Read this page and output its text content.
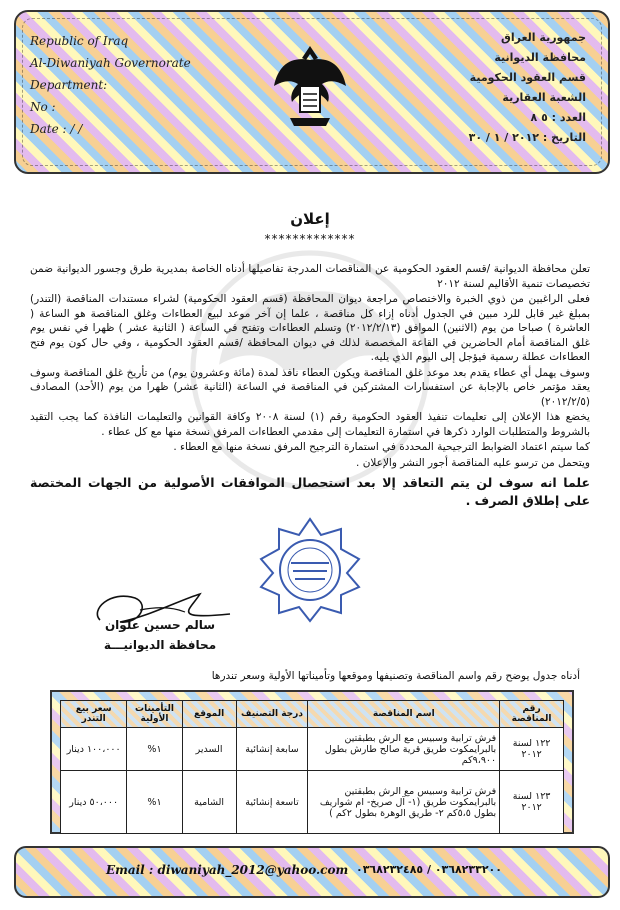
Republic of Iraq
Al-Diwaniyah Governorate
Department:
No :
Date : / /
جمهورية العراق
محافظة الديوانية
قسم العقود الحكومية
الشعبة العقارية
العدد : ٥ ٨
التاريخ : ٢٠١٢ / ١ / ٣٠
إعلان
*************

تعلن محافظة الديوانية /قسم العقود الحكومية عن المناقصات المدرجة تفاصيلها أدناه الخاصة بمديرية طرق وجسور الديوانية ضمن تخصيصات تنمية الأقاليم لسنة ٢٠١٢

فعلى الراغبين من ذوي الخبرة والاختصاص مراجعة ديوان المحافظة (قسم العقود الحكومية) لشراء مستندات المناقصة (التندر) بمبلغ غير قابل للرد مبين في الجدول أدناه إزاء كل مناقصة ، علما إن آخر موعد لبيع العطاءات وغلق المناقصة هو الساعة ( العاشرة ) صباحا من يوم (الاثنين) الموافق (٢٠١٢/٢/١٣) وتسلم العطاءات وتفتح في الساعة ( الثانية عشر ) ظهرا في نفس يوم غلق المناقصة أمام الحاضرين في القاعة المخصصة لذلك في ديوان المحافظة /قسم العقود الحكومية ، وفي حال كون يوم فتح العطاءات عطلة رسمية فيؤجل إلى اليوم الذي يليه.

وسوف يهمل أي عطاء يقدم بعد موعد غلق المناقصة ويكون العطاء نافذ لمدة (مائة وعشرون يوم) من تأريخ غلق المناقصة وسوف يعقد مؤتمر خاص بالإجابة عن استفسارات المشتركين في المناقصة في الساعة (الثانية عشر) ظهرا من يوم (الأحد) المصادف (٢٠١٢/٢/٥)

يخضع هذا الإعلان إلى تعليمات تنفيذ العقود الحكومية رقم (١) لسنة ٢٠٠٨ وكافة القوانين والتعليمات النافذة كما يجب التقيد بالشروط والمتطلبات الوارد ذكرها في استمارة التعليمات إلى مقدمي العطاءات المرفق نسخة منها مع كل عطاء .

كما سيتم اعتماد الضوابط الترجيحية المحددة في استمارة الترجيح المرفق نسخة منها مع العطاء .

ويتحمل من ترسو عليه المناقصة أجور النشر والإعلان .

علما انه سوف لن يتم التعاقد إلا بعد استحصال الموافقات الأصولية من الجهات المختصة على إطلاق الصرف .

سالم حسين علوان
محافظة الديوانيـــة
أدناه جدول يوضح رقم واسم المناقصة وتصنيفها وموقعها وتأميناتها الأولية وسعر تندرها
رقم المناقصة	اسم المناقصة	درجة التصنيف	الموقع	التأمينات الأولية	سعر بيع التندر
١٢٢ لسنة ٢٠١٢	فرش ترابية وسبيس مع الرش بطبقتين بالبرايمكوت طريق قرية صالح طارش بطول ٩،٩٠٠كم	سابعة إنشائية	السدير	١%	١٠٠،٠٠٠ دينار
١٢٣ لسنة ٢٠١٢	فرش ترابية وسبيس مع الرش بطبقتين بالبرايمكوت طريق (١- آل صريخ- ام شواريف بطول ٥،٥كم ٢- طريق الوهرة بطول ٢كم )	تاسعة إنشائية	الشامية	١%	٥٠،٠٠٠ دينار
Email : diwaniyah_2012@yahoo.com ٠٣٦٨٢٣٣٢٠٠ / ٠٣٦٨٢٣٢٤٨٥
